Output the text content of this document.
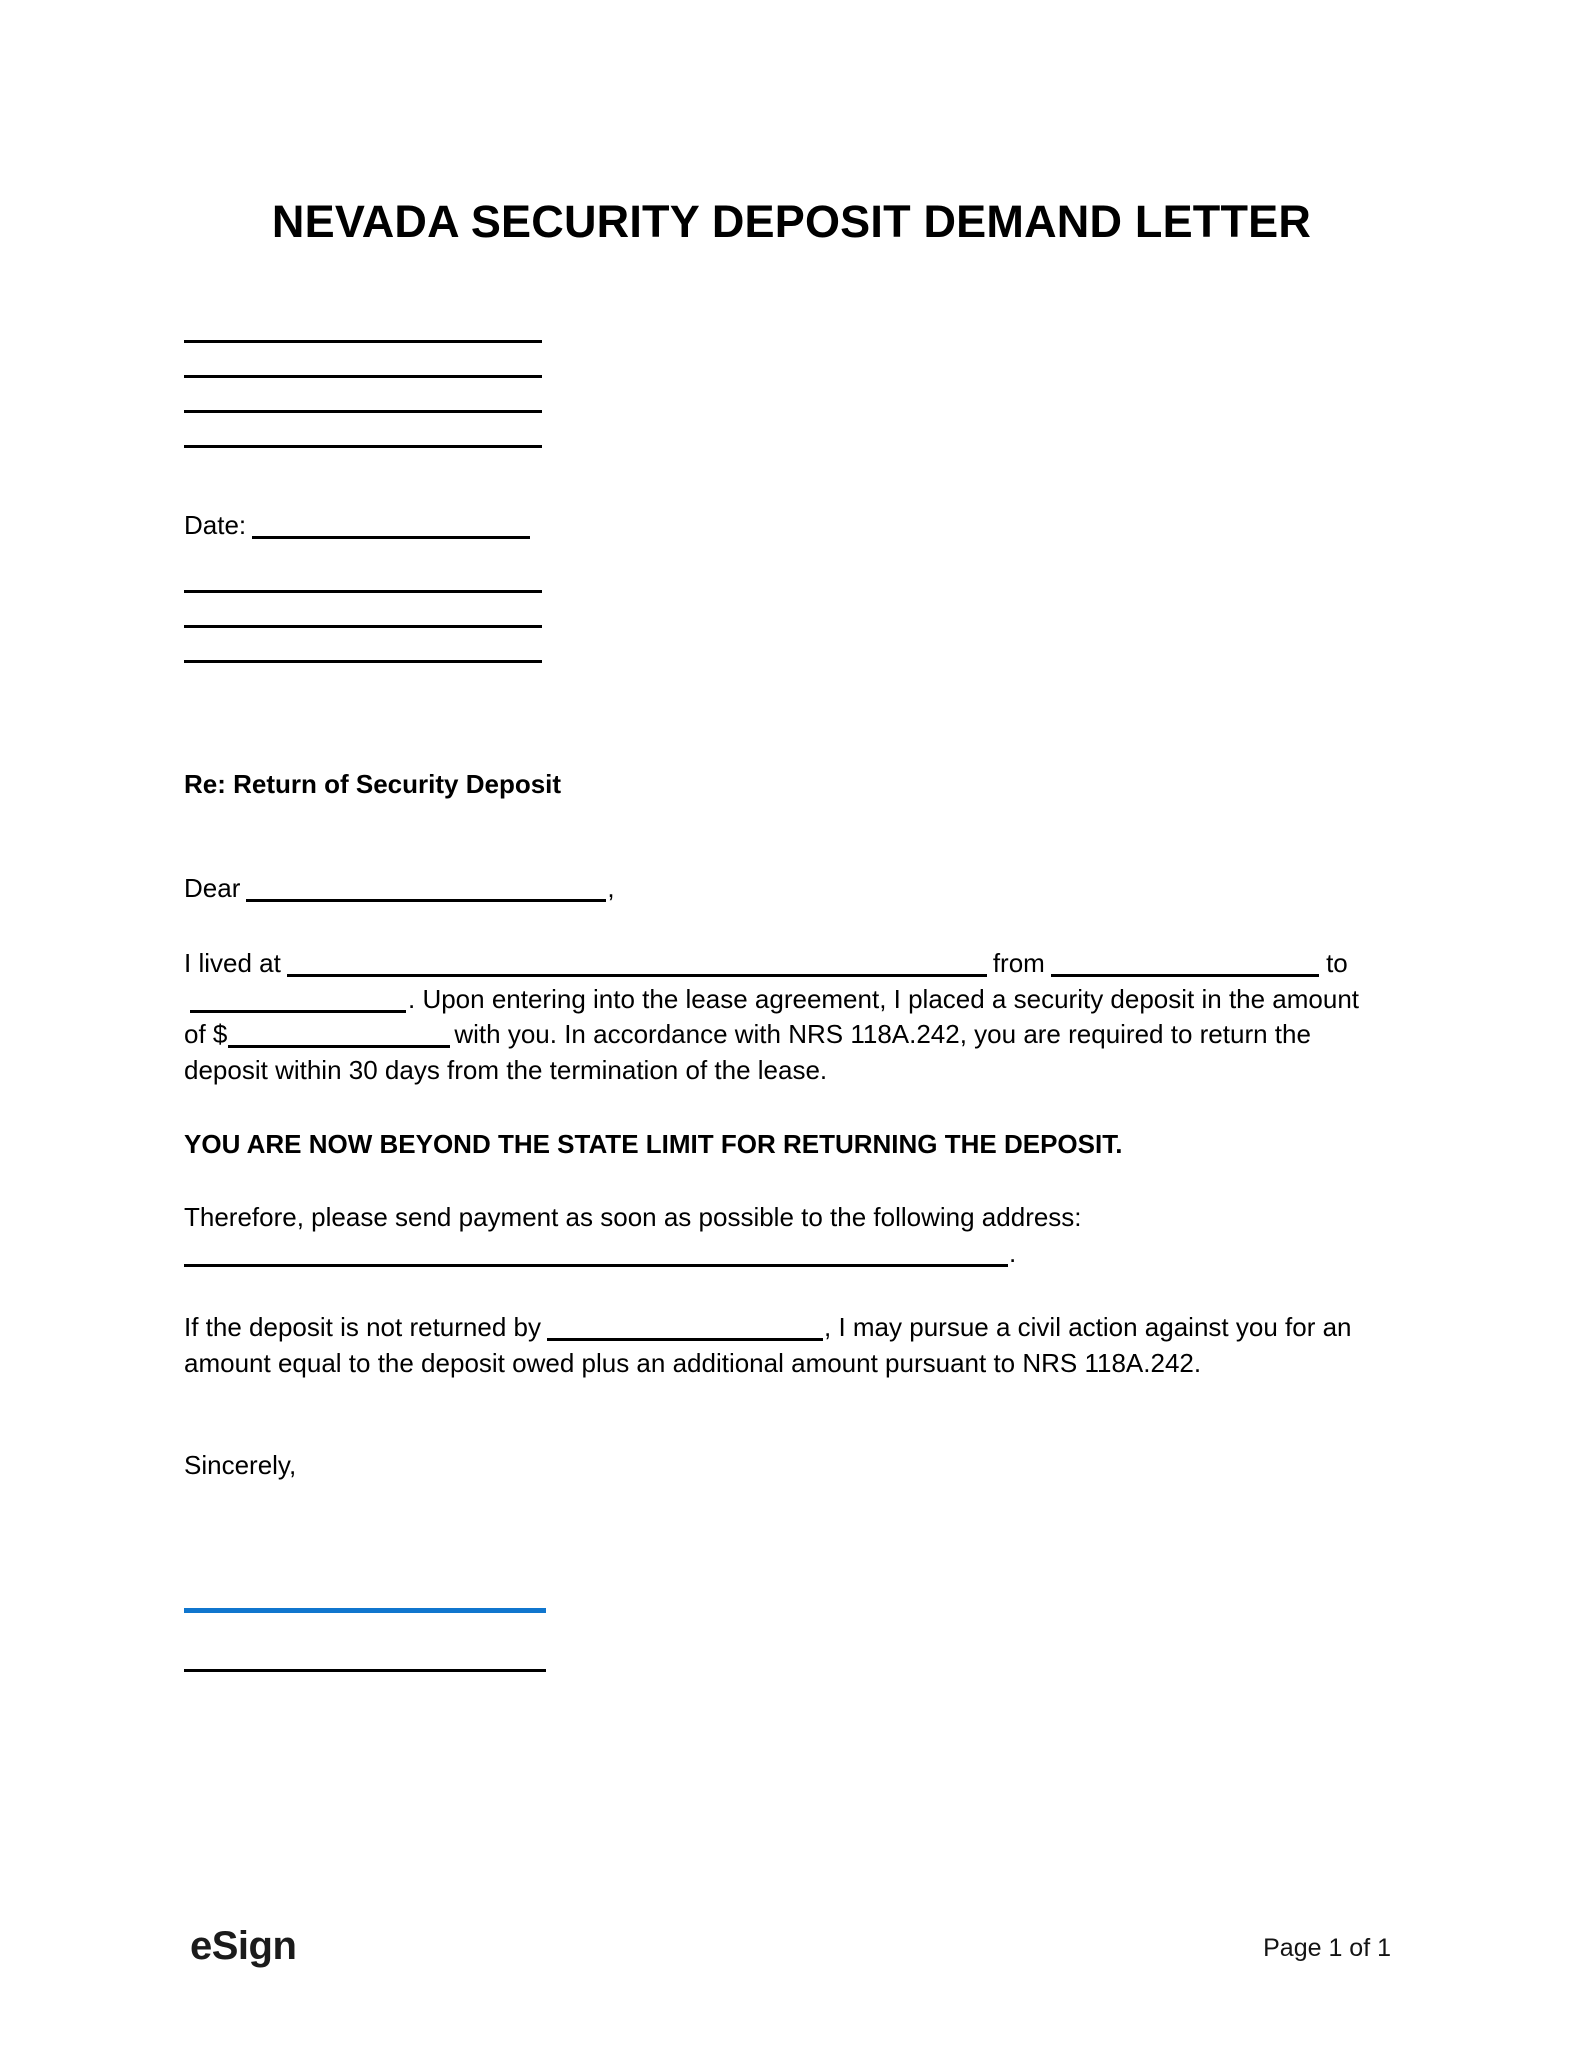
NEVADA SECURITY DEPOSIT DEMAND LETTER
Date:
Re: Return of Security Deposit
Dear	,
I lived at	from	to. Upon entering into the lease agreement, I placed a security deposit in the amount of $	with you. In accordance with NRS 118A.242, you are required to return the deposit within 30 days from the termination of the lease.
YOU ARE NOW BEYOND THE STATE LIMIT FOR RETURNING THE DEPOSIT.
Therefore, please send payment as soon as possible to the following address:
.
If the deposit is not returned by	, I may pursue a civil action against you for an amount equal to the deposit owed plus an additional amount pursuant to NRS 118A.242.
Sincerely,
eSign	Page 1 of 1
